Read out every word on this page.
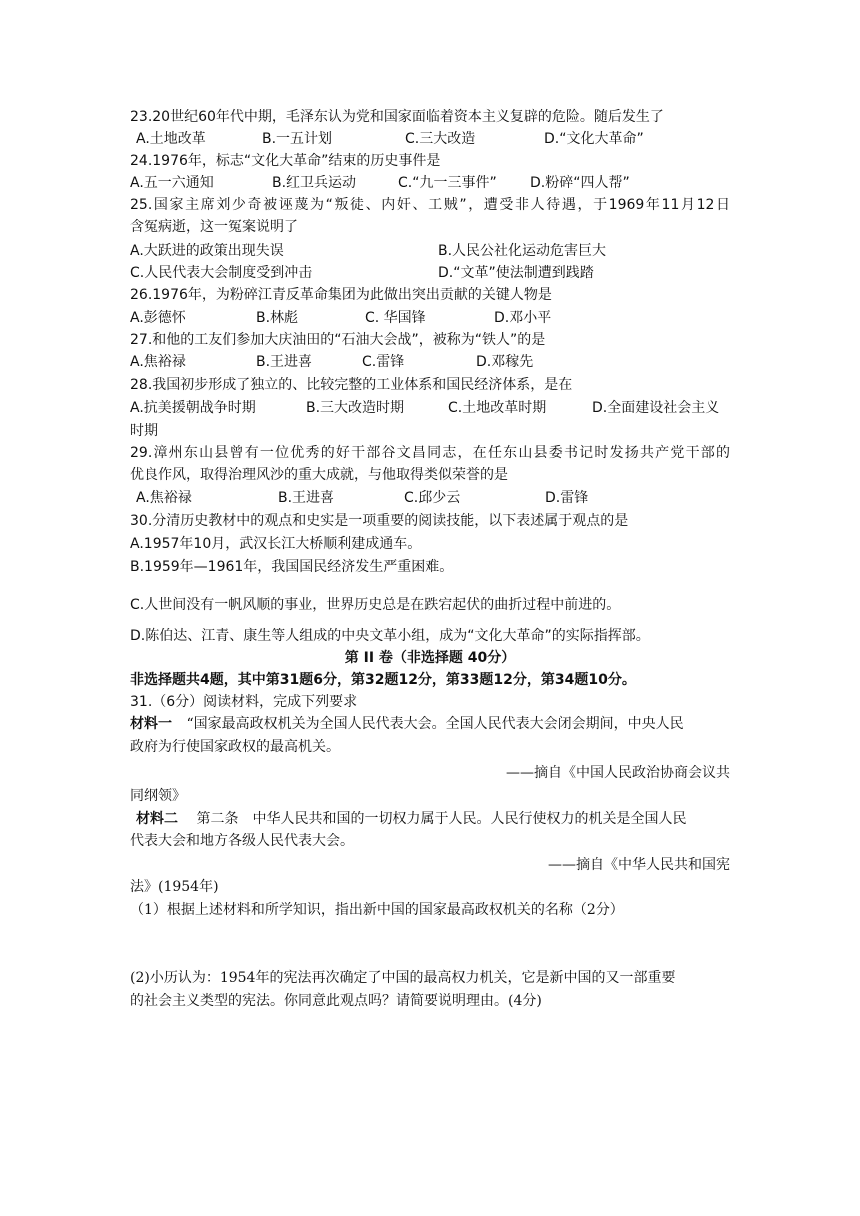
23.20世纪60年代中期，毛泽东认为党和国家面临着资本主义复辟的危险。随后发生了
A.土地改革	B.一五计划	C.三大改造	D.“文化大革命”
24.1976年，标志“文化大革命”结束的历史事件是
A.五一六通知	B.红卫兵运动	C.“九一三事件” D.粉碎“四人帮”
25.国家主席刘少奇被诬蔑为“叛徒、内奸、工贼”，遭受非人待遇，于1969年11月12日
含冤病逝，这一冤案说明了
A.大跃进的政策出现失误	B.人民公社化运动危害巨大
C.人民代表大会制度受到冲击	D.“文革”使法制遭到践踏
26.1976年，为粉碎江青反革命集团为此做出突出贡献的关键人物是
A.彭德怀	B.林彪	C. 华国锋	D.邓小平
27.和他的工友们参加大庆油田的“石油大会战”，被称为“铁人”的是
A.焦裕禄	B.王进喜	C.雷锋	D.邓稼先
28.我国初步形成了独立的、比较完整的工业体系和国民经济体系，是在
A.抗美援朝战争时期	B.三大改造时期	C.土地改革时期	D.全面建设社会主义
时期
29.漳州东山县曾有一位优秀的好干部谷文昌同志，在任东山县委书记时发扬共产党干部的
优良作风，取得治理风沙的重大成就，与他取得类似荣誉的是
A.焦裕禄	B.王进喜	C.邱少云	D.雷锋
30.分清历史教材中的观点和史实是一项重要的阅读技能，以下表述属于观点的是
A.1957年10月，武汉长江大桥顺利建成通车。
B.1959年—1961年，我国国民经济发生严重困难。
C.人世间没有一帆风顺的事业，世界历史总是在跌宕起伏的曲折过程中前进的。
D.陈伯达、江青、康生等人组成的中央文革小组，成为“文化大革命”的实际指挥部。
第 II 卷（非选择题 40分）
非选择题共4题，其中第31题6分，第32题12分，第33题12分，第34题10分。
31.（6分）阅读材料，完成下列要求
材料一 “国家最高政权机关为全国人民代表大会。全国人民代表大会闭会期间，中央人民
政府为行使国家政权的最高机关。
——摘自《中国人民政治协商会议共
同纲领》
材料二 第二条　中华人民共和国的一切权力属于人民。人民行使权力的机关是全国人民
代表大会和地方各级人民代表大会。
——摘自《中华人民共和国宪
法》(1954年)
（1）根据上述材料和所学知识，指出新中国的国家最高政权机关的名称（2分）
(2)小历认为：1954年的宪法再次确定了中国的最高权力机关，它是新中国的又一部重要
的社会主义类型的宪法。你同意此观点吗？请简要说明理由。(4分)
